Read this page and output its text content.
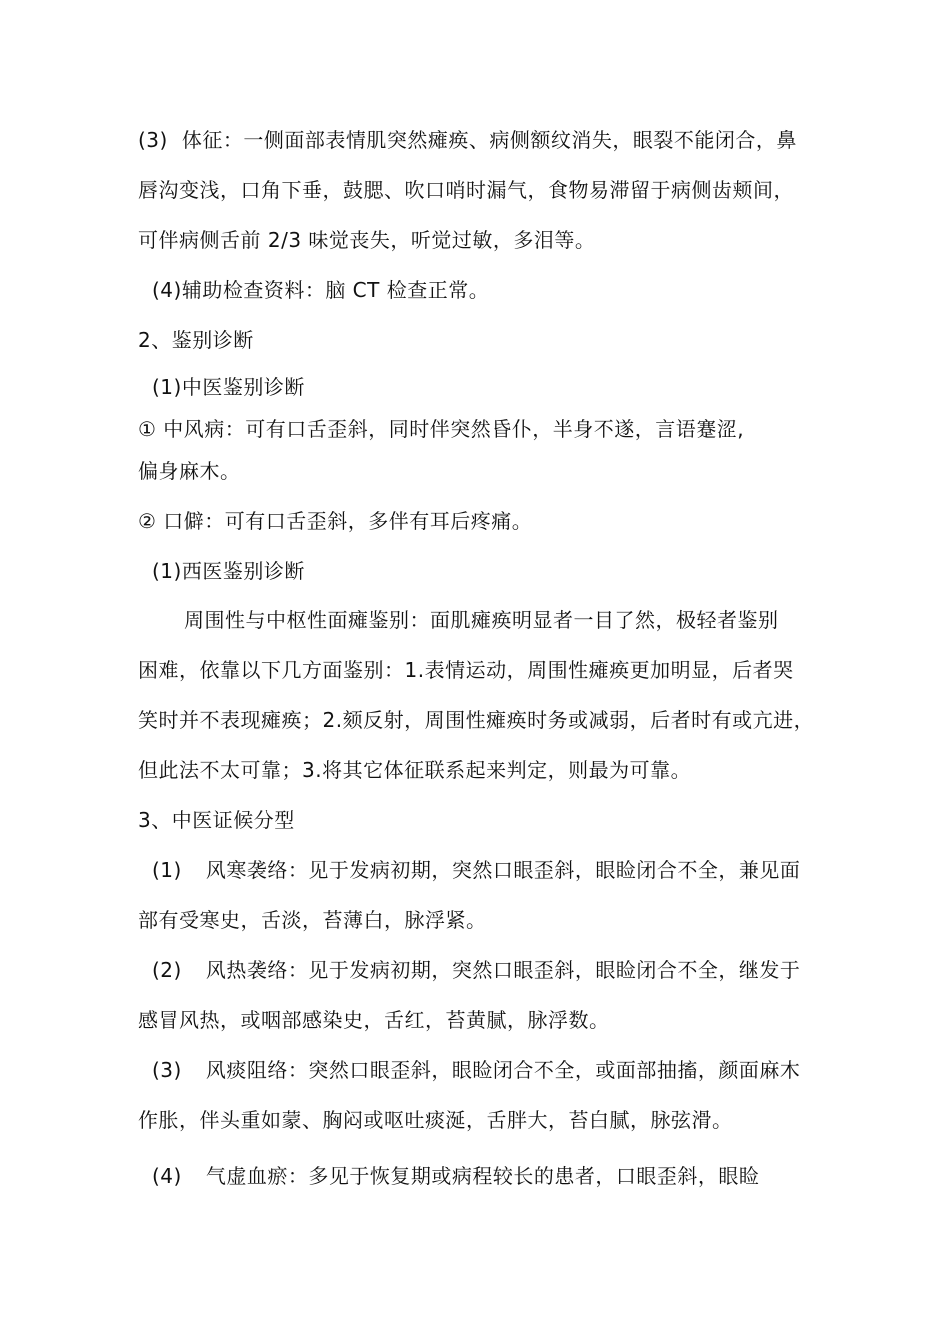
(3) 体征：一侧面部表情肌突然瘫痪、病侧额纹消失，眼裂不能闭合，鼻
唇沟变浅，口角下垂，鼓腮、吹口哨时漏气，食物易滞留于病侧齿颊间，
可伴病侧舌前 2/3 味觉丧失，听觉过敏，多泪等。
(4)辅助检查资料：脑 CT 检查正常。
2、鉴别诊断
(1)中医鉴别诊断
① 中风病：可有口舌歪斜，同时伴突然昏仆，半身不遂，言语蹇涩,
偏身麻木。
② 口僻：可有口舌歪斜，多伴有耳后疼痛。
(1)西医鉴别诊断
周围性与中枢性面瘫鉴别：面肌瘫痪明显者一目了然，极轻者鉴别
困难，依靠以下几方面鉴别：1.表情运动，周围性瘫痪更加明显，后者哭
笑时并不表现瘫痪；2.颏反射，周围性瘫痪时务或减弱，后者时有或亢进，
但此法不太可靠；3.将其它体征联系起来判定，则最为可靠。
3、中医证候分型
(1) 风寒袭络：见于发病初期，突然口眼歪斜，眼睑闭合不全，兼见面
部有受寒史，舌淡，苔薄白，脉浮紧。
(2) 风热袭络：见于发病初期，突然口眼歪斜，眼睑闭合不全，继发于
感冒风热，或咽部感染史，舌红，苔黄腻，脉浮数。
(3) 风痰阻络：突然口眼歪斜，眼睑闭合不全，或面部抽搐，颜面麻木
作胀，伴头重如蒙、胸闷或呕吐痰涎，舌胖大，苔白腻，脉弦滑。
(4) 气虚血瘀：多见于恢复期或病程较长的患者，口眼歪斜，眼睑
